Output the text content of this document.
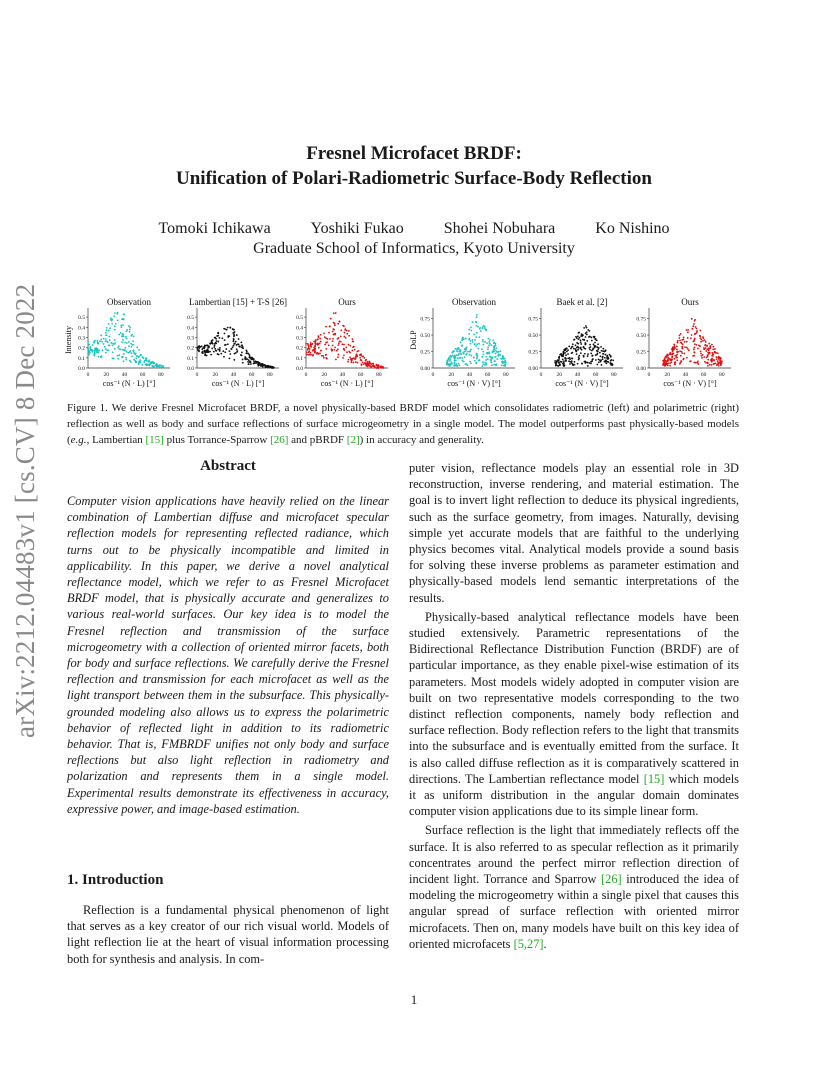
arXiv:2212.04483v1 [cs.CV] 8 Dec 2022
Fresnel Microfacet BRDF:
Unification of Polari-Radiometric Surface-Body Reflection
Tomoki Ichikawa	Yoshiki Fukao	Shohei Nobuhara	Ko Nishino
Graduate School of Informatics, Kyoto University
Observation
0.0
0.1
0.2
0.3
0.4
0.5
0	20 40 60 80
cos⁻¹ (N · L) [°]
Intensity
Lambertian [15] + T-S [26]
0.0
0.1
0.2
0.3
0.4
0.5
0	20 40 60 80
cos⁻¹ (N · L) [°]
Ours
0.0
0.1
0.2
0.3
0.4
0.5
0	20 40 60 80
cos⁻¹ (N · L) [°]
Observation
0.00
0.25
0.50
0.75
0	20 40 60 80
cos⁻¹ (N · V) [°]
DoLP
Baek et al. [2]
0.00
0.25
0.50
0.75
0	20 40 60 80
cos⁻¹ (N · V) [°]
Ours
0.00
0.25
0.50
0.75
0	20 40 60 80
cos⁻¹ (N · V) [°]
Figure 1. We derive Fresnel Microfacet BRDF, a novel physically-based BRDF model which consolidates radiometric (left) and polarimetric (right) reflection as well as body and surface reflections of surface microgeometry in a single model. The model outperforms past physically-based models (e.g., Lambertian [15] plus Torrance-Sparrow [26] and pBRDF [2]) in accuracy and generality.
Abstract
Computer vision applications have heavily relied on the linear combination of Lambertian diffuse and microfacet specular reflection models for representing reflected radiance, which turns out to be physically incompatible and limited in applicability. In this paper, we derive a novel analytical reflectance model, which we refer to as Fresnel Microfacet BRDF model, that is physically accurate and generalizes to various real-world surfaces. Our key idea is to model the Fresnel reflection and transmission of the surface microgeometry with a collection of oriented mirror facets, both for body and surface reflections. We carefully derive the Fresnel reflection and transmission for each microfacet as well as the light transport between them in the subsurface. This physically-grounded modeling also allows us to express the polarimetric behavior of reflected light in addition to its radiometric behavior. That is, FMBRDF unifies not only body and surface reflections but also light reflection in radiometry and polarization and represents them in a single model. Experimental results demonstrate its effectiveness in accuracy, expressive power, and image-based estimation.
1. Introduction

Reflection is a fundamental physical phenomenon of light that serves as a key creator of our rich visual world. Models of light reflection lie at the heart of visual information processing both for synthesis and analysis. In com-

puter vision, reflectance models play an essential role in 3D reconstruction, inverse rendering, and material estimation. The goal is to invert light reflection to deduce its physical ingredients, such as the surface geometry, from images. Naturally, devising simple yet accurate models that are faithful to the underlying physics becomes vital. Analytical models provide a sound basis for solving these inverse problems as parameter estimation and physically-based models lend semantic interpretations of the results.

Physically-based analytical reflectance models have been studied extensively. Parametric representations of the Bidirectional Reflectance Distribution Function (BRDF) are of particular importance, as they enable pixel-wise estimation of its parameters. Most models widely adopted in computer vision are built on two representative models corresponding to the two distinct reflection components, namely body reflection and surface reflection. Body reflection refers to the light that transmits into the subsurface and is eventually emitted from the surface. It is also called diffuse reflection as it is comparatively scattered in directions. The Lambertian reflectance model [15] which models it as uniform distribution in the angular domain dominates computer vision applications due to its simple linear form.

Surface reflection is the light that immediately reflects off the surface. It is also referred to as specular reflection as it primarily concentrates around the perfect mirror reflection direction of incident light. Torrance and Sparrow [26] introduced the idea of modeling the microgeometry within a single pixel that causes this angular spread of surface reflection with oriented mirror microfacets. Then on, many models have built on this key idea of oriented microfacets [5,27].

1
